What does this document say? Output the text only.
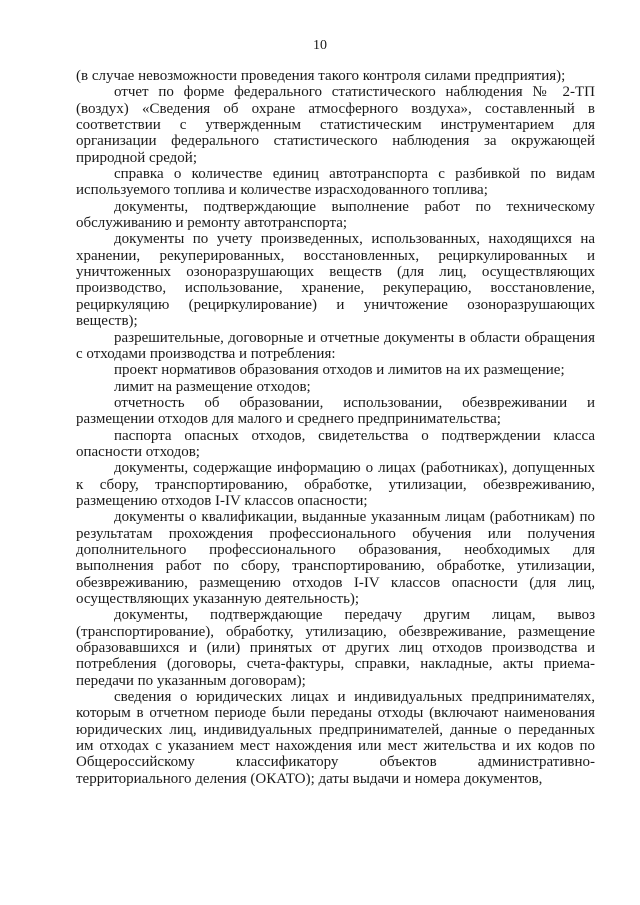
10

(в случае невозможности проведения такого контроля силами предприятия);

отчет по форме федерального статистического наблюдения № 2-ТП (воздух) «Сведения об охране атмосферного воздуха», составленный в соответствии с утвержденным статистическим инструментарием для организации федерального статистического наблюдения за окружающей природной средой;

справка о количестве единиц автотранспорта с разбивкой по видам используемого топлива и количестве израсходованного топлива;

документы, подтверждающие выполнение работ по техническому обслуживанию и ремонту автотранспорта;

документы по учету произведенных, использованных, находящихся на хранении, рекуперированных, восстановленных, рециркулированных и уничтоженных озоноразрушающих веществ (для лиц, осуществляющих производство, использование, хранение, рекуперацию, восстановление, рециркуляцию (рециркулирование) и уничтожение озоноразрушающих веществ);

разрешительные, договорные и отчетные документы в области обращения с отходами производства и потребления:

проект нормативов образования отходов и лимитов на их размещение;

лимит на размещение отходов;

отчетность об образовании, использовании, обезвреживании и размещении отходов для малого и среднего предпринимательства;

паспорта опасных отходов, свидетельства о подтверждении класса опасности отходов;

документы, содержащие информацию о лицах (работниках), допущенных к сбору, транспортированию, обработке, утилизации, обезвреживанию, размещению отходов I-IV классов опасности;

документы о квалификации, выданные указанным лицам (работникам) по результатам прохождения профессионального обучения или получения дополнительного профессионального образования, необходимых для выполнения работ по сбору, транспортированию, обработке, утилизации, обезвреживанию, размещению отходов I-IV классов опасности (для лиц, осуществляющих указанную деятельность);

документы, подтверждающие передачу другим лицам, вывоз (транспортирование), обработку, утилизацию, обезвреживание, размещение образовавшихся и (или) принятых от других лиц отходов производства и потребления (договоры, счета-фактуры, справки, накладные, акты приема-передачи по указанным договорам);

сведения о юридических лицах и индивидуальных предпринимателях, которым в отчетном периоде были переданы отходы (включают наименования юридических лиц, индивидуальных предпринимателей, данные о переданных им отходах с указанием мест нахождения или мест жительства и их кодов по Общероссийскому классификатору объектов административно-территориального деления (ОКАТО); даты выдачи и номера документов,
